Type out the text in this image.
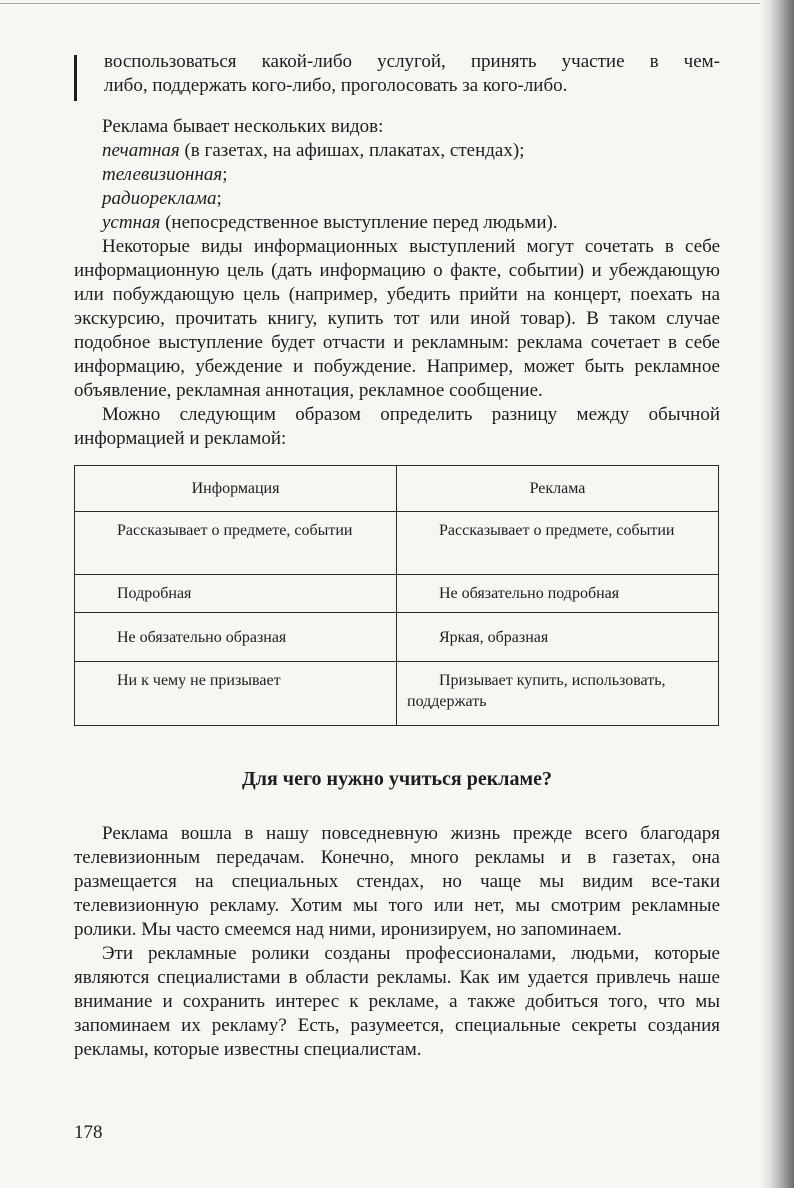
воспользоваться какой-либо услугой, принять участие в чем-
либо, поддержать кого-либо, проголосовать за кого-либо.

Реклама бывает нескольких видов:

печатная (в газетах, на афишах, плакатах, стендах);

телевизионная;

радиореклама;

устная (непосредственное выступление перед людьми).

Некоторые виды информационных выступлений могут сочетать в себе информационную цель (дать информацию о факте, событии) и убеждающую или побуждающую цель (например, убедить прийти на концерт, поехать на экскурсию, прочитать книгу, купить тот или иной товар). В таком случае подобное выступление будет отчасти и рекламным: реклама сочетает в себе информацию, убеждение и побуждение. Например, может быть рекламное объявление, рекламная аннотация, рекламное сообщение.

Можно следующим образом определить разницу между обычной информацией и рекламой:

Информация	Реклама

Рассказывает о предмете, событии	Рассказывает о предмете, событии

Подробная	Не обязательно подробная

Не обязательно образная	Яркая, образная

Ни к чему не призывает	Призывает купить, использовать, поддержать
Для чего нужно учиться рекламе?

Реклама вошла в нашу повседневную жизнь прежде всего благодаря телевизионным передачам. Конечно, много рекламы и в газетах, она размещается на специальных стендах, но чаще мы видим все-таки телевизионную рекламу. Хотим мы того или нет, мы смотрим рекламные ролики. Мы часто смеемся над ними, иронизируем, но запоминаем.

Эти рекламные ролики созданы профессионалами, людьми, которые являются специалистами в области рекламы. Как им удается привлечь наше внимание и сохранить интерес к рекламе, а также добиться того, что мы запоминаем их рекламу? Есть, разумеется, специальные секреты создания рекламы, которые известны специалистам.

178
